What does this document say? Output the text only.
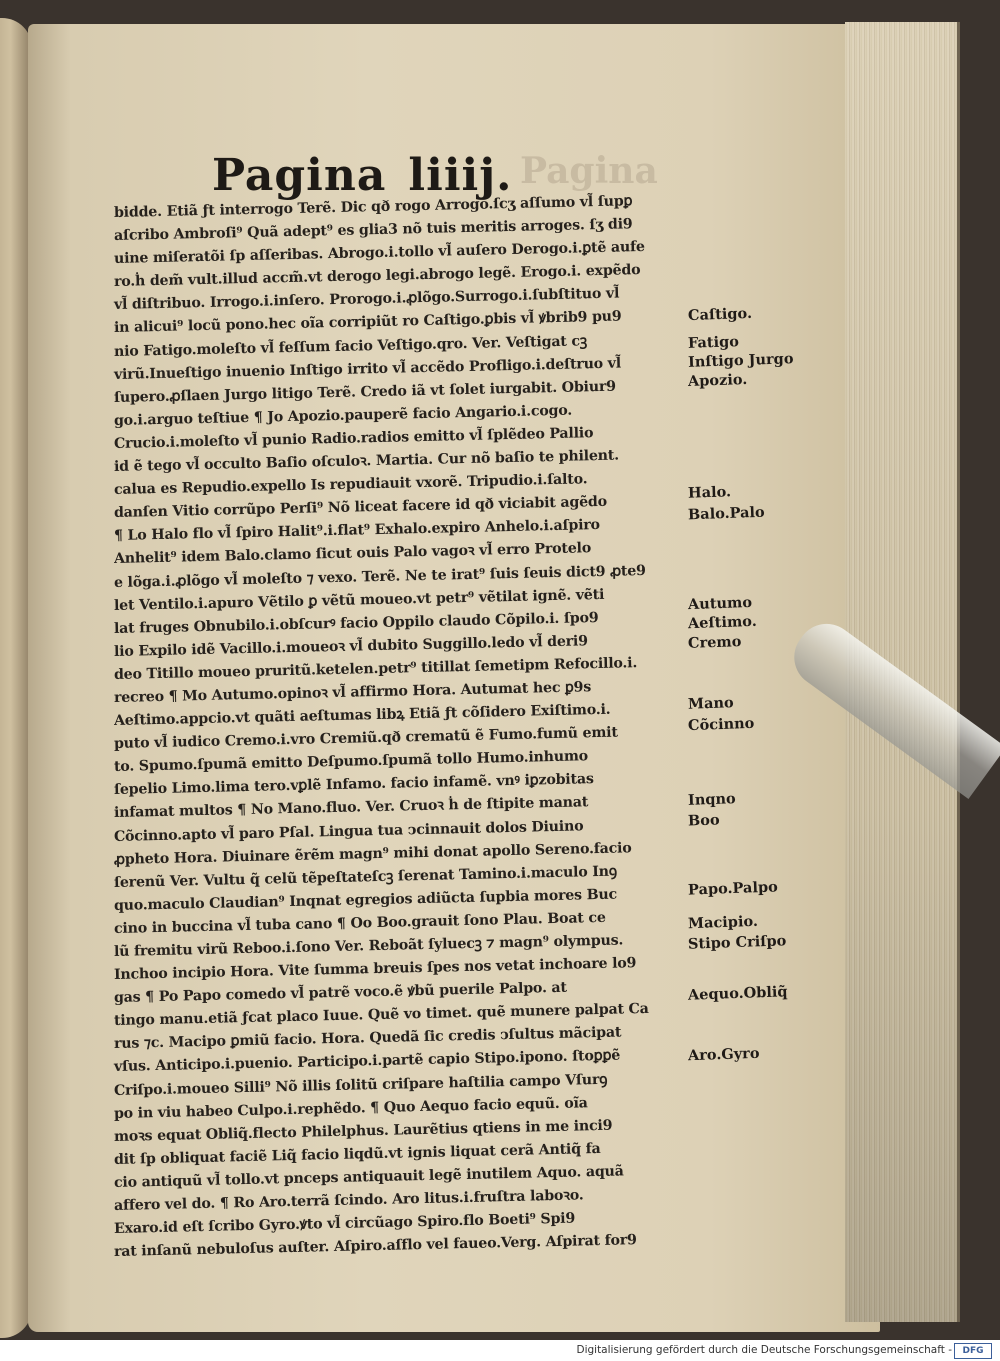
Pagina
Pagina liiij.
bidde. Etiã ƒt interrogo Terẽ. Dic qð rogo Arrogo.ſcʒ aſſumo vl̃ ſupꝑ
aſcribo Ambroſi⁹ Quã adept⁹ es glia3 nõ tuis meritis arroges. ſʒ di9
uine miſeratõi ſp aſſeribas. Abrogo.i.tollo vl̃ auſero Derogo.i.ꝑtẽ aufe
ro.ḣ dem̃ vult.illud accm̃.vt derogo legi.abrogo legẽ. Erogo.i. expẽdo
vl̃ diſtribuo. Irrogo.i.inſero. Prorogo.i.ꝓlõgo.Surrogo.i.ſubſtituo vl̃
in alicui⁹ locũ pono.hec oĩa corripiũt ro Caſtigo.ꝑbis vl̃ ꝟbrib9 pu9
nio Fatigo.moleſto vl̃ feſſum facio Veſtigo.qro. Ver. Veſtigat cꝫ
virũ.Inueſtigo inuenio Inſtigo irrito vl̃ accẽdo Profligo.i.deſtruo vl̃
ſupero.ꝓſlaen Jurgo litigo Terẽ. Credo iã vt ſolet iurgabit. Obiur9
go.i.arguo teſtiue ¶ Jo Apozio.pauperẽ facio Angario.i.cogo.
Crucio.i.moleſto vl̃ punio Radio.radios emitto vl̃ ſplẽdeo Pallio
id ẽ tego vl̃ occulto Baſio oſculoꝛ. Martia. Cur nõ baſio te philent.
calua es Repudio.expello Is repudiauit vxorẽ. Tripudio.i.ſalto.
danſen Vitio corrũpo Perſi⁹ Nõ liceat facere id qð viciabit agẽdo
¶ Lo Halo flo vl̃ ſpiro Halit⁹.i.flat⁹ Exhalo.expiro Anhelo.i.aſpiro
Anhelit⁹ idem Balo.clamo ſicut ouis Palo vagoꝛ vl̃ erro Protelo
e lõga.i.ꝓlõgo vl̃ moleſto ⁊ vexo. Terẽ. Ne te irat⁹ ſuis ſeuis dict9 ꝓte9
let Ventilo.i.apuro Vẽtilo ꝑ vẽtũ moueo.vt petr⁹ vẽtilat ignẽ. vẽti
lat fruges Obnubilo.i.obſcurꝰ facio Oppilo claudo Cõpilo.i. ſpo9
lio Expilo idẽ Vacillo.i.moueoꝛ vl̃ dubito Suggillo.ledo vl̃ deri9
deo Titillo moueo pruritũ.ketelen.petr⁹ titillat ſemetipm Refocillo.i.
recreo ¶ Mo Autumo.opinoꝛ vl̃ affirmo Hora. Autumat hec ꝑ9s
Aeſtimo.appcio.vt quãti aeſtumas libꝝ Etiã ƒt cõſidero Exiſtimo.i.
puto vl̃ iudico Cremo.i.vro Cremiũ.qð crematũ ẽ Fumo.fumũ emit
to. Spumo.ſpumã emitto Deſpumo.ſpumã tollo Humo.inhumo
ſepelio Limo.lima tero.vꝑlẽ Infamo. facio infamẽ. vnꝰ iꝑzobitas
infamat multos ¶ No Mano.fluo. Ver. Cruoꝛ ḣ de ſtipite manat
Cõcinno.apto vl̃ paro Pſal. Lingua tua ↄcinnauit dolos Diuino
ꝓpheto Hora. Diuinare ẽrẽm magn⁹ mihi donat apollo Sereno.facio
ſerenũ Ver. Vultu q̃ celũ tẽpeſtateſcꝫ ſerenat Tamino.i.maculo Inꝯ
quo.maculo Claudian⁹ Inqnat egregios adiũcta ſupbia mores Buc
cino in buccina vl̃ tuba cano ¶ Oo Boo.grauit ſono Plau. Boat ce
lũ fremitu virũ Reboo.i.ſono Ver. Reboãt ſyluecꝫ ⁊ magn⁹ olympus.
Inchoo incipio Hora. Vite ſumma breuis ſpes nos vetat inchoare lo9
gas ¶ Po Papo comedo vl̃ patrẽ voco.ẽ ꝟbũ puerile Palpo. at
tingo manu.etiã ƒcat placo Iuue. Quẽ vo timet. quẽ munere palpat Ca
rus ⁊c. Macipo ꝑmiũ facio. Hora. Quedã ſic credis ↄſultus mãcipat
vſus. Anticipo.i.puenio. Participo.i.partẽ capio Stipo.ipono. ſtoꝑꝑẽ
Criſpo.i.moueo Silli⁹ Nõ illis ſolitũ criſpare haſtilia campo Vſurꝯ
po in viu habeo Culpo.i.rephẽdo. ¶ Quo Aequo facio equũ. oĩa
moꝛs equat Obliq̃.flecto Philelphus. Laurẽtius qtiens in me inci9
dit ſp obliquat faciẽ Liq̃ facio liqdũ.vt ignis liquat cerã Antiq̃ fa
cio antiquũ vl̃ tollo.vt pnceps antiquauit legẽ inutilem Aquo. aquã
affero vel do. ¶ Ro Aro.terrã ſcindo. Aro litus.i.fruſtra laboꝛo.
Exaro.id eſt ſcribo Gyro.ꝟto vl̃ circũago Spiro.flo Boeti⁹ Spi9
rat inſanũ nebuloſus auſter. Aſpiro.aſflo vel faueo.Verg. Aſpirat for9
Caſtigo.
Fatigo
Inſtigo Jurgo
Apozio.
Halo.
Balo.Palo
Autumo
Aeſtimo.
Cremo
Mano
Cõcinno
Inqno
Boo
Papo.Palpo
Macipio.
Stipo Criſpo
Aequo.Obliq̃
Aro.Gyro
Digitalisierung gefördert durch die Deutsche Forschungsgemeinschaft -	DFG
